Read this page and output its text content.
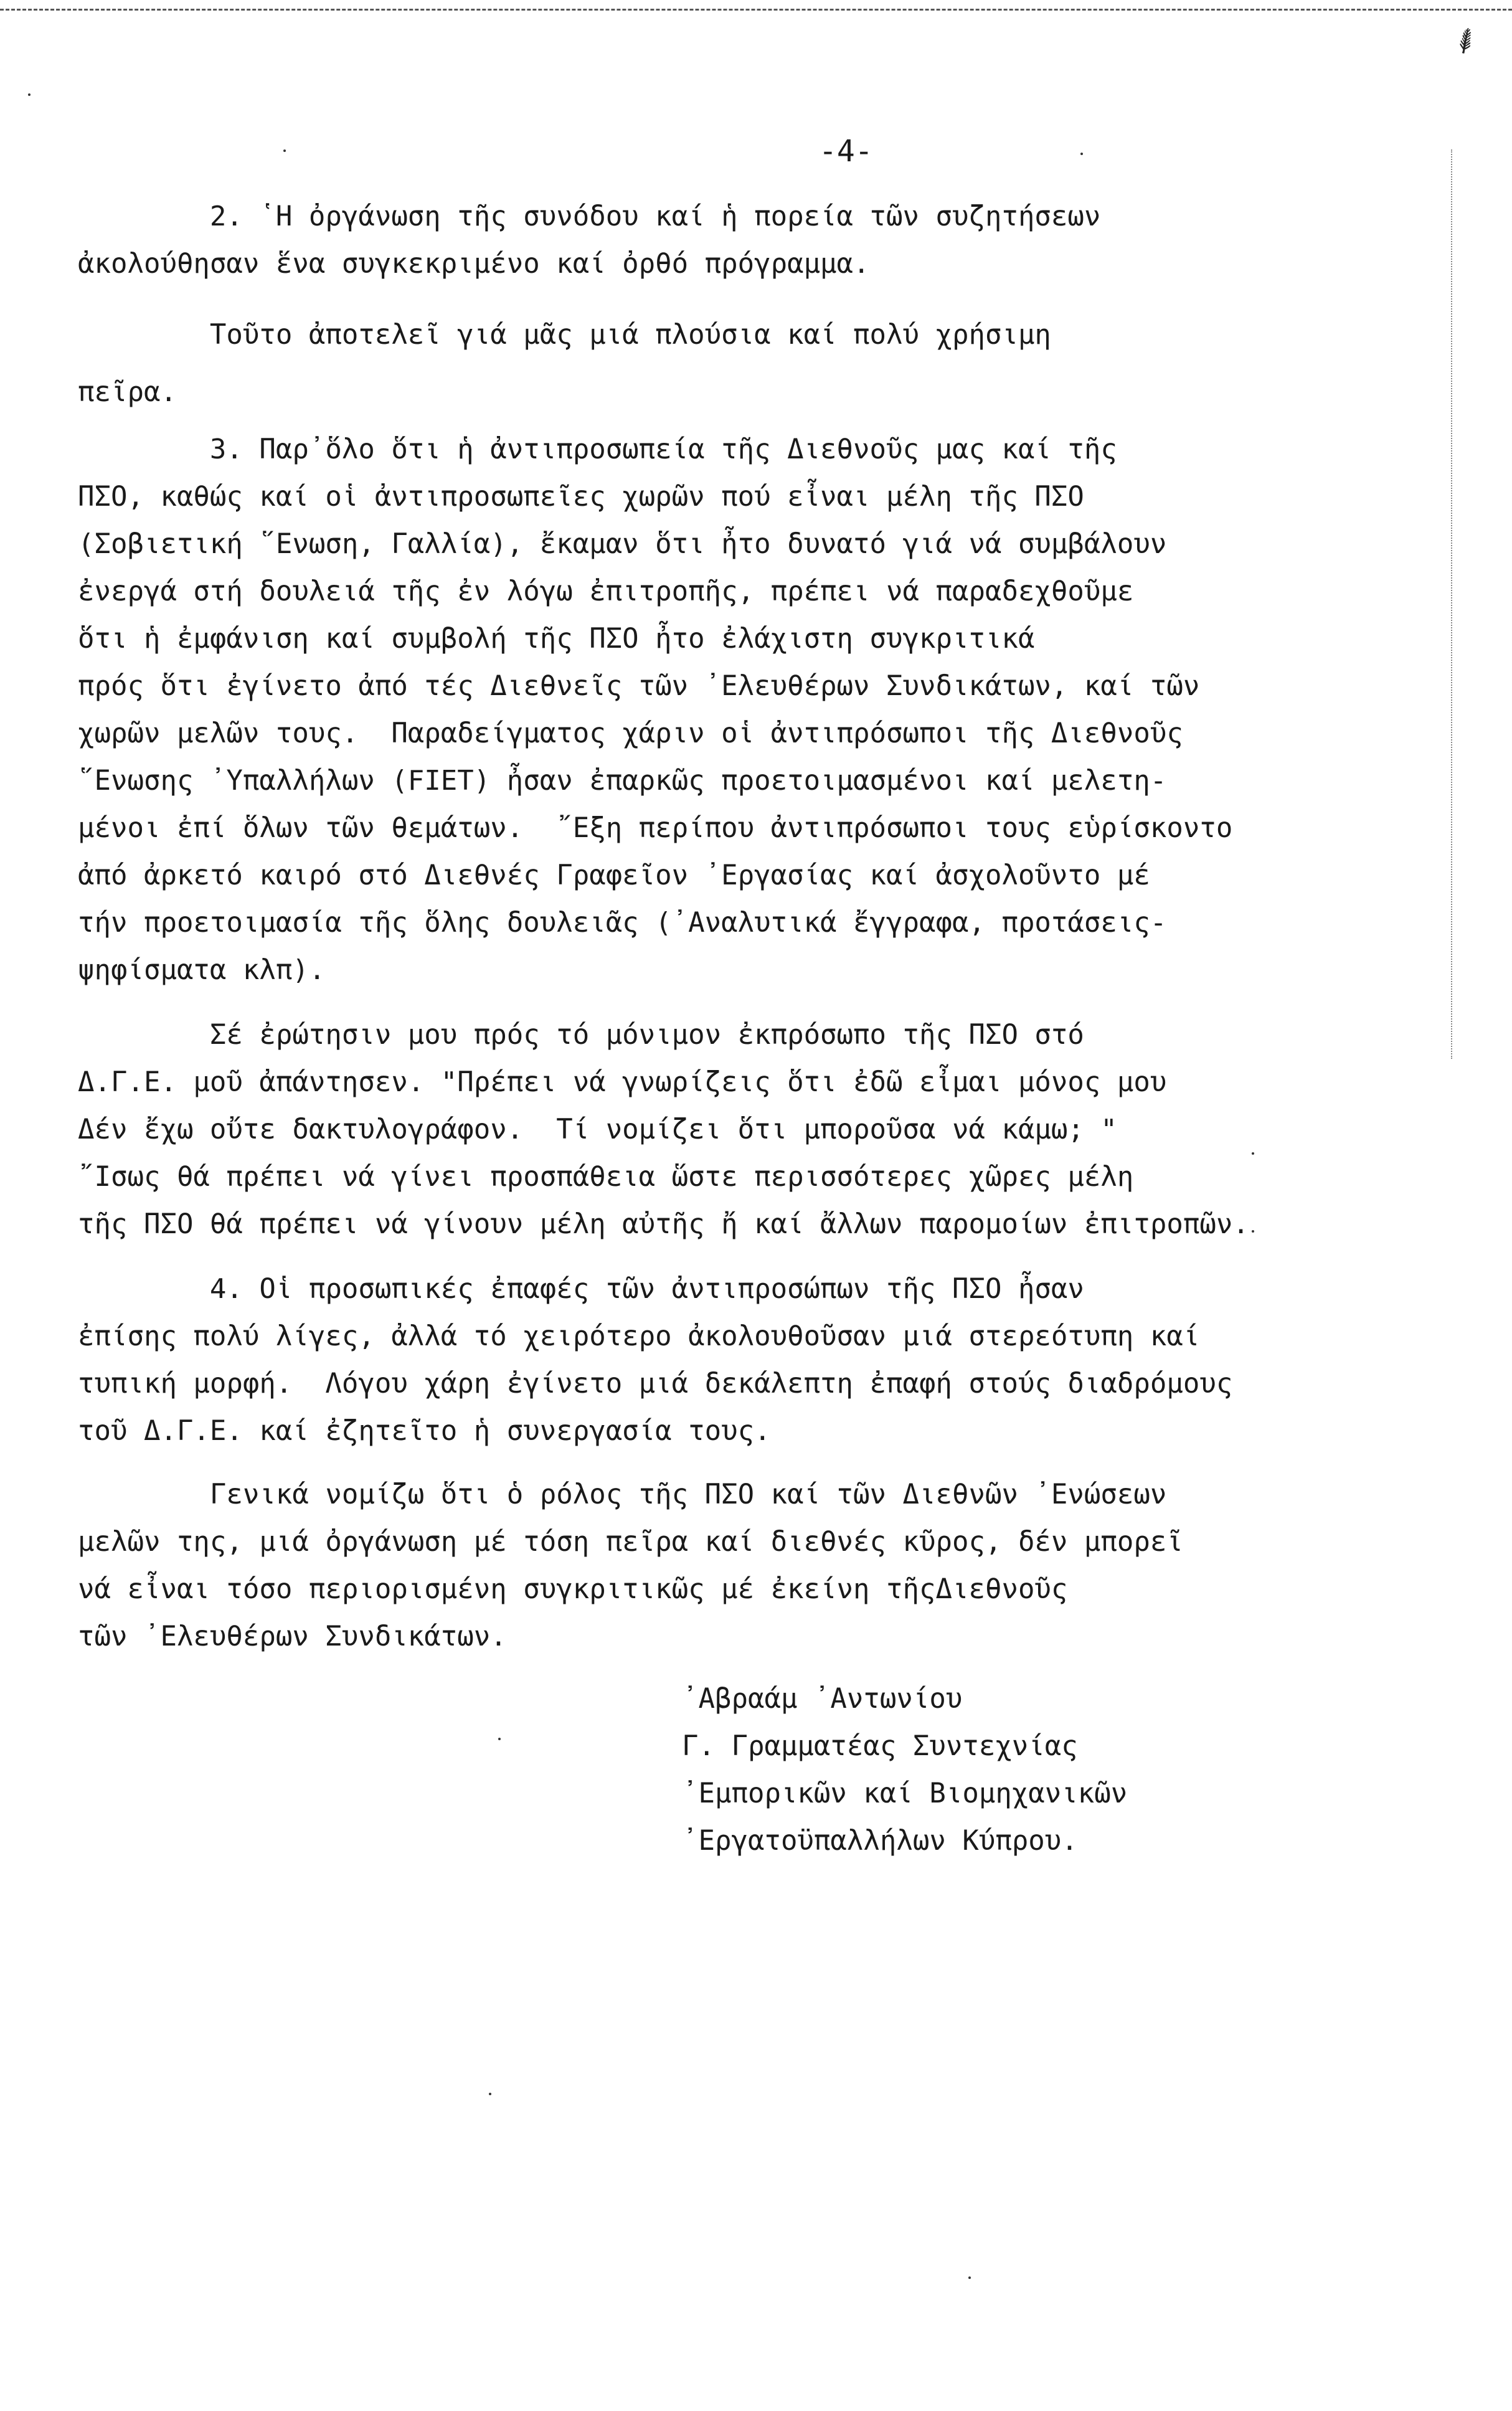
⸙
-4-
2. ῾Η ὀργάνωση τῆς συνόδου καί ἡ πορεία τῶν συζητήσεων
ἀκολούθησαν ἕνα συγκεκριμένο καί ὀρθό πρόγραμμα.
Τοῦτο ἀποτελεῖ γιά μᾶς μιά πλούσια καί πολύ χρήσιμη
πεῖρα.
3. Παρ᾿ὅλο ὅτι ἡ ἀντιπροσωπεία τῆς Διεθνοῦς μας καί τῆς
ΠΣΟ, καθώς καί οἱ ἀντιπροσωπεῖες χωρῶν πού εἶναι μέλη τῆς ΠΣΟ
(Σοβιετική ῞Ενωση, Γαλλία), ἔκαμαν ὅτι ἦτο δυνατό γιά νά συμβάλουν
ἐνεργά στή δουλειά τῆς ἐν λόγω ἐπιτροπῆς, πρέπει νά παραδεχθοῦμε
ὅτι ἡ ἐμφάνιση καί συμβολή τῆς ΠΣΟ ἦτο ἐλάχιστη συγκριτικά
πρός ὅτι ἐγίνετο ἀπό τές Διεθνεῖς τῶν ᾿Ελευθέρων Συνδικάτων, καί τῶν
χωρῶν μελῶν τους.  Παραδείγματος χάριν οἱ ἀντιπρόσωποι τῆς Διεθνοῦς
῞Ενωσης ᾿Υπαλλήλων (FIET) ἦσαν ἐπαρκῶς προετοιμασμένοι καί μελετη-
μένοι ἐπί ὅλων τῶν θεμάτων.  ῎Εξη περίπου ἀντιπρόσωποι τους εὑρίσκοντο
ἀπό ἀρκετό καιρό στό Διεθνές Γραφεῖον ᾿Εργασίας καί ἀσχολοῦντο μέ
τήν προετοιμασία τῆς ὅλης δουλειᾶς (᾿Αναλυτικά ἔγγραφα, προτάσεις-
ψηφίσματα κλπ).
Σέ ἐρώτησιν μου πρός τό μόνιμον ἐκπρόσωπο τῆς ΠΣΟ στό
Δ.Γ.Ε. μοῦ ἀπάντησεν. "Πρέπει νά γνωρίζεις ὅτι ἐδῶ εἶμαι μόνος μου
Δέν ἔχω οὔτε δακτυλογράφον.  Τί νομίζει ὅτι μποροῦσα νά κάμω; "
῎Ισως θά πρέπει νά γίνει προσπάθεια ὥστε περισσότερες χῶρες μέλη
τῆς ΠΣΟ θά πρέπει νά γίνουν μέλη αὐτῆς ἤ καί ἄλλων παρομοίων ἐπιτροπῶν.
4. Οἱ προσωπικές ἐπαφές τῶν ἀντιπροσώπων τῆς ΠΣΟ ἦσαν
ἐπίσης πολύ λίγες, ἀλλά τό χειρότερο ἀκολουθοῦσαν μιά στερεότυπη καί
τυπική μορφή.  Λόγου χάρη ἐγίνετο μιά δεκάλεπτη ἐπαφή στούς διαδρόμους
τοῦ Δ.Γ.Ε. καί ἐζητεῖτο ἡ συνεργασία τους.
Γενικά νομίζω ὅτι ὁ ρόλος τῆς ΠΣΟ καί τῶν Διεθνῶν ᾿Ενώσεων
μελῶν της, μιά ὀργάνωση μέ τόση πεῖρα καί διεθνές κῦρος, δέν μπορεῖ
νά εἶναι τόσο περιορισμένη συγκριτικῶς μέ ἐκείνη τῆςΔιεθνοῦς
τῶν ᾿Ελευθέρων Συνδικάτων.
᾿Αβραάμ ᾿Αντωνίου
Γ. Γραμματέας Συντεχνίας
᾿Εμπορικῶν καί Βιομηχανικῶν
᾿Εργατοϋπαλλήλων Κύπρου.
